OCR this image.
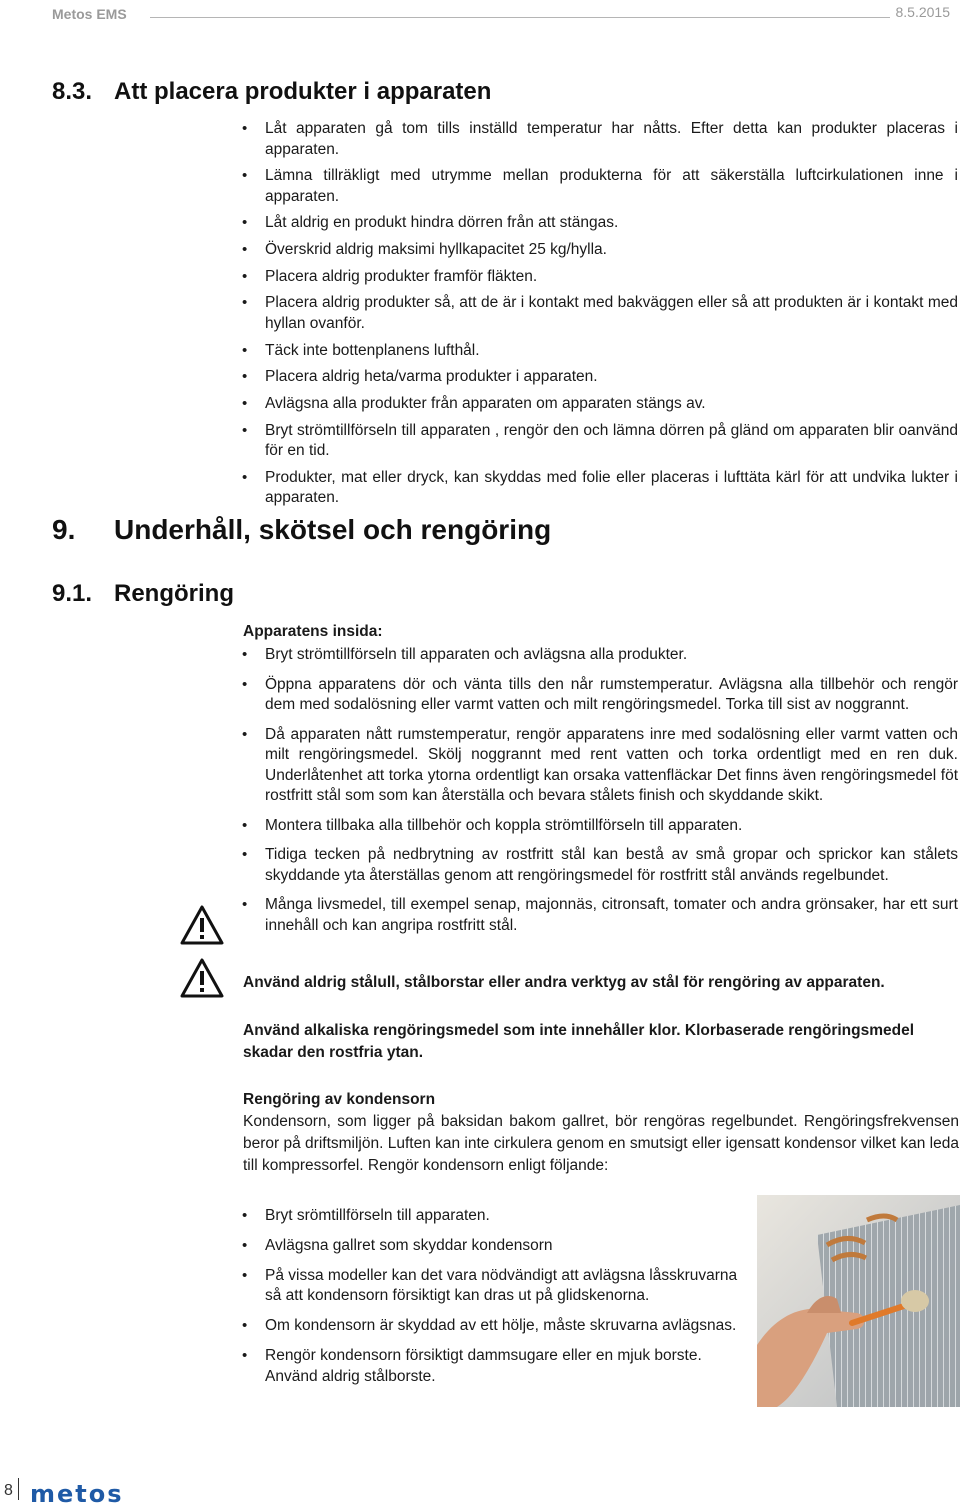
Metos EMS	8.5.2015
8.3. Att placera produkter i apparaten
• Låt apparaten gå tom tills inställd temperatur har nåtts. Efter detta kan produkter placeras i apparaten.
• Lämna tillräkligt med utrymme mellan produkterna för att säkerställa luftcirkulationen inne i apparaten.
• Låt aldrig en produkt hindra dörren från att stängas.
• Överskrid aldrig maksimi hyllkapacitet 25 kg/hylla.
• Placera aldrig produkter framför fläkten.
• Placera aldrig produkter så, att de är i kontakt med bakväggen eller så att produkten är i kontakt med hyllan ovanför.
• Täck inte bottenplanens lufthål.
• Placera aldrig heta/varma produkter i apparaten.
• Avlägsna alla produkter från apparaten om apparaten stängs av.
• Bryt strömtillförseln till apparaten , rengör den och lämna dörren på gländ om apparaten blir oanvänd för en tid.
• Produkter, mat eller dryck, kan skyddas med folie eller placeras i lufttäta kärl för att undvika lukter i apparaten.
9. Underhåll, skötsel och rengöring
9.1. Rengöring
Apparatens insida:
• Bryt strömtillförseln till apparaten och avlägsna alla produkter.
• Öppna apparatens dör och vänta tills den når rumstemperatur. Avlägsna alla tillbehör och rengör dem med sodalösning eller varmt vatten och milt rengöringsmedel. Torka till sist av noggrannt.
• Då apparaten nått rumstemperatur, rengör apparatens inre med sodalösning eller varmt vatten och milt rengöringsmedel. Skölj noggrannt med rent vatten och torka ordentligt med en ren duk. Underlåtenhet att torka ytorna ordentligt kan orsaka vattenfläckar Det finns även rengöringsmedel föt rostfritt stål som som kan återställa och bevara stålets finish och skyddande skikt.
• Montera tillbaka alla tillbehör och koppla strömtillförseln till apparaten.
• Tidiga tecken på nedbrytning av rostfritt stål kan bestå av små gropar och sprickor kan stålets skyddande yta återställas genom att rengöringsmedel för rostfritt stål används regelbundet.
• Många livsmedel, till exempel senap, majonnäs, citronsaft, tomater och andra grönsaker, har ett surt innehåll och kan angripa rostfritt stål.
Använd aldrig stålull, stålborstar eller andra verktyg av stål för rengöring av apparaten.
Använd alkaliska rengöringsmedel som inte innehåller klor. Klorbaserade rengöringsmedel skadar den rostfria ytan.
Rengöring av kondensorn
Kondensorn, som ligger på baksidan bakom gallret, bör rengöras regelbundet. Rengöringsfrekvensen beror på driftsmiljön. Luften kan inte cirkulera genom en smutsigt eller igensatt kondensor vilket kan leda till kompressorfel. Rengör kondensorn enligt följande:
• Bryt srömtillförseln till apparaten.
• Avlägsna gallret som skyddar kondensorn
• På vissa modeller kan det vara nödvändigt att avlägsna låsskruvarna så att kondensorn försiktigt kan dras ut på glidskenorna.
• Om kondensorn är skyddad av ett hölje, måste skruvarna avlägsnas.
• Rengör kondensorn försiktigt dammsugare eller en mjuk borste. Använd aldrig stålborste.
8 metos
